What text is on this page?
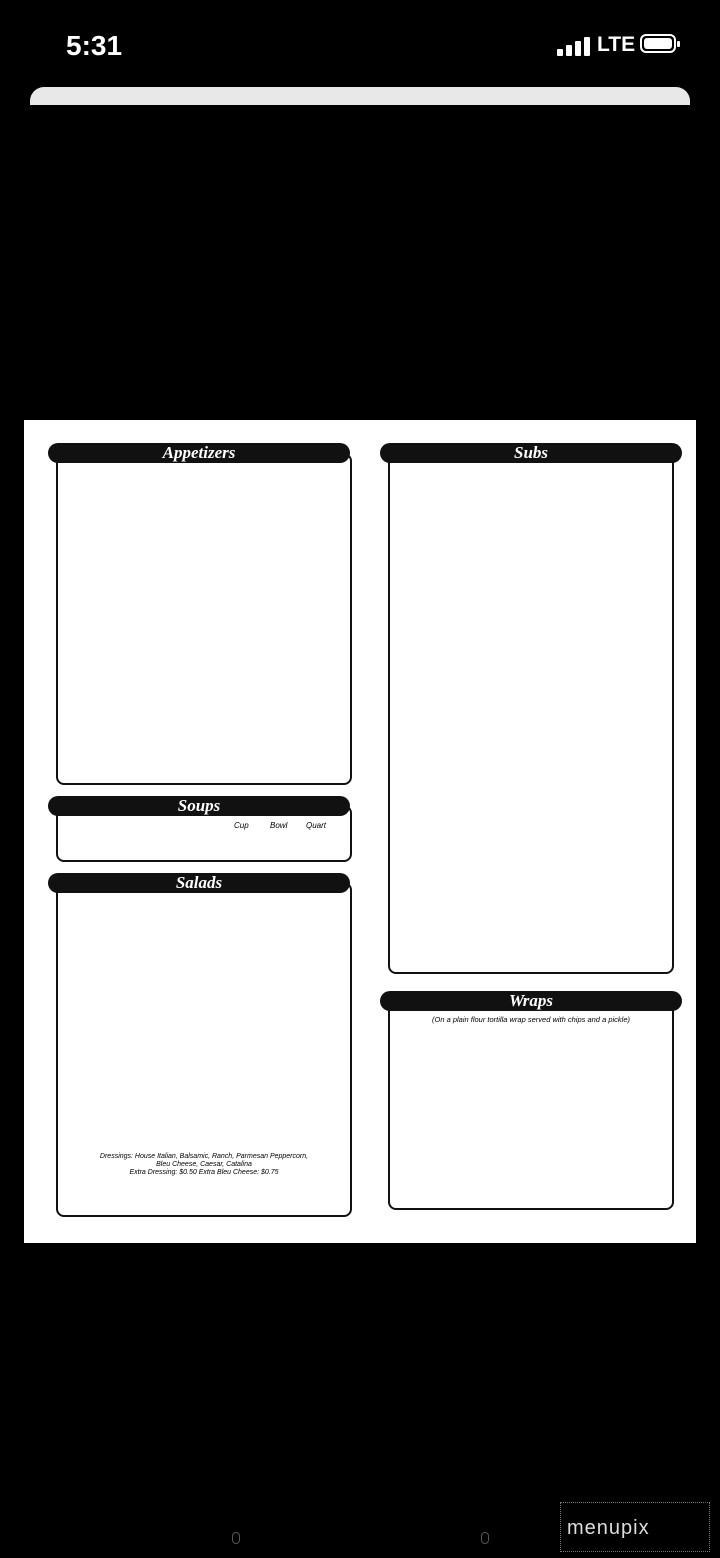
5:31	LTE
Appetizers
Cup	Bowl Quart
Soups
Dressings: House Italian, Balsamic, Ranch, Parmesan Peppercorn,
Bleu Cheese, Caesar, Catalina
Extra Dressing: $0.50 Extra Bleu Cheese: $0.75
Salads
Subs
(On a plain flour tortilla wrap served with chips and a pickle)
Wraps
menupix
